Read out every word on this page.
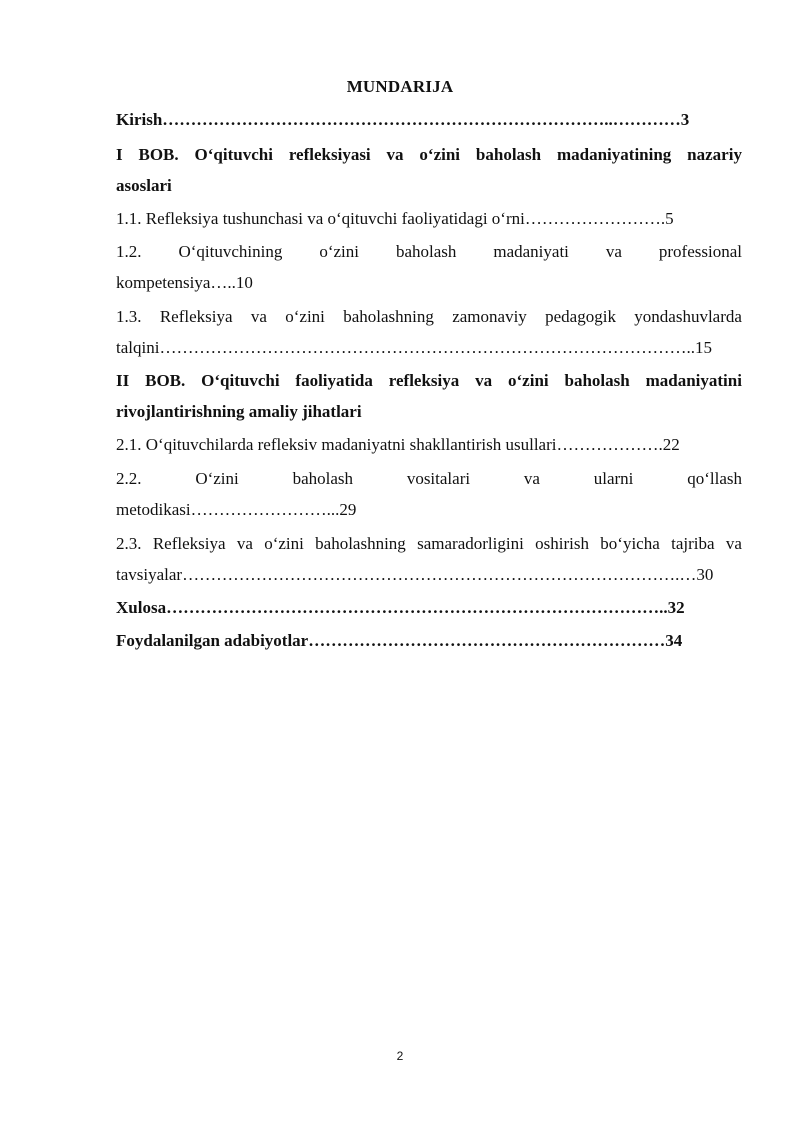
MUNDARIJA
Kirish……………………………………………………………………..…………3
I BOB. O‘qituvchi refleksiyasi va o‘zini baholash madaniyatining nazariy
asoslari
1.1. Refleksiya tushunchasi va o‘qituvchi faoliyatidagi o‘rni…………………….5
1.2. O‘qituvchining o‘zini baholash madaniyati va professional
kompetensiya…..10
1.3. Refleksiya va o‘zini baholashning zamonaviy pedagogik yondashuvlarda
talqini…………………………………………………………………………………..15
II BOB. O‘qituvchi faoliyatida refleksiya va o‘zini baholash madaniyatini
rivojlantirishning amaliy jihatlari
2.1. O‘qituvchilarda refleksiv madaniyatni shakllantirish usullari……………….22
2.2.	O‘zini	baholash	vositalari	va	ularni	qo‘llash
metodikasi……………………...29
2.3. Refleksiya va o‘zini baholashning samaradorligini oshirish bo‘yicha tajriba va
tavsiyalar…………………………………………………………………………….…30
Xulosa……………………………………………………………………………..32
Foydalanilgan adabiyotlar………………………………………………………34
2
